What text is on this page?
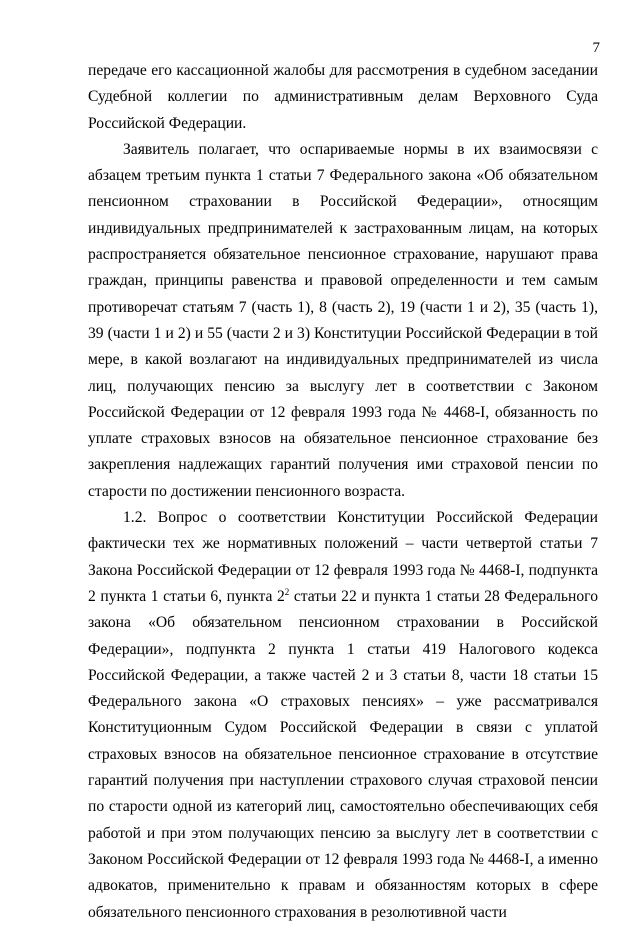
7

передаче его кассационной жалобы для рассмотрения в судебном заседании Судебной коллегии по административным делам Верховного Суда Российской Федерации.

Заявитель полагает, что оспариваемые нормы в их взаимосвязи с абзацем третьим пункта 1 статьи 7 Федерального закона «Об обязательном пенсионном страховании в Российской Федерации», относящим индивидуальных предпринимателей к застрахованным лицам, на которых распространяется обязательное пенсионное страхование, нарушают права граждан, принципы равенства и правовой определенности и тем самым противоречат статьям 7 (часть 1), 8 (часть 2), 19 (части 1 и 2), 35 (часть 1), 39 (части 1 и 2) и 55 (части 2 и 3) Конституции Российской Федерации в той мере, в какой возлагают на индивидуальных предпринимателей из числа лиц, получающих пенсию за выслугу лет в соответствии с Законом Российской Федерации от 12 февраля 1993 года № 4468-I, обязанность по уплате страховых взносов на обязательное пенсионное страхование без закрепления надлежащих гарантий получения ими страховой пенсии по старости по достижении пенсионного возраста.

1.2. Вопрос о соответствии Конституции Российской Федерации фактически тех же нормативных положений – части четвертой статьи 7 Закона Российской Федерации от 12 февраля 1993 года № 4468-I, подпункта 2 пункта 1 статьи 6, пункта $2^2$ статьи 22 и пункта 1 статьи 28 Федерального закона «Об обязательном пенсионном страховании в Российской Федерации», подпункта 2 пункта 1 статьи 419 Налогового кодекса Российской Федерации, а также частей 2 и 3 статьи 8, части 18 статьи 15 Федерального закона «О страховых пенсиях» – уже рассматривался Конституционным Судом Российской Федерации в связи с уплатой страховых взносов на обязательное пенсионное страхование в отсутствие гарантий получения при наступлении страхового случая страховой пенсии по старости одной из категорий лиц, самостоятельно обеспечивающих себя работой и при этом получающих пенсию за выслугу лет в соответствии с Законом Российской Федерации от 12 февраля 1993 года № 4468-I, а именно адвокатов, применительно к правам и обязанностям которых в сфере обязательного пенсионного страхования в резолютивной части
